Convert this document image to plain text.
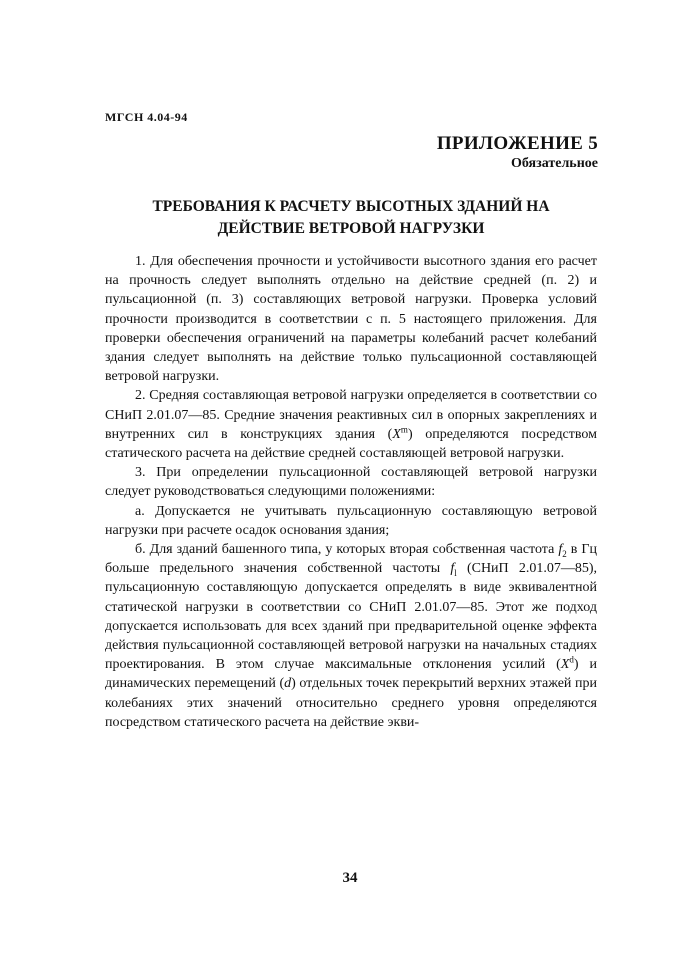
МГСН 4.04-94
ПРИЛОЖЕНИЕ 5
Обязательное
ТРЕБОВАНИЯ К РАСЧЕТУ ВЫСОТНЫХ ЗДАНИЙ НА
ДЕЙСТВИЕ ВЕТРОВОЙ НАГРУЗКИ

1. Для обеспечения прочности и устойчивости высотного здания его расчет на прочность следует выполнять отдельно на действие средней (п. 2) и пульсационной (п. 3) составляющих ветровой нагрузки. Проверка условий прочности производится в соответствии с п. 5 настоящего приложения. Для проверки обеспечения ограничений на параметры колебаний расчет колебаний здания следует выполнять на действие только пульсационной составляющей ветровой нагрузки.

2. Средняя составляющая ветровой нагрузки определяется в соответствии со СНиП 2.01.07—85. Средние значения реактивных сил в опорных закреплениях и внутренних сил в конструкциях здания $(X^m)$ определяются посредством статического расчета на действие средней составляющей ветровой нагрузки.

3. При определении пульсационной составляющей ветровой нагрузки следует руководствоваться следующими положениями:

а. Допускается не учитывать пульсационную составляющую ветровой нагрузки при расчете осадок основания здания;

б. Для зданий башенного типа, у которых вторая собственная частота $f_2$ в Гц больше предельного значения собственной частоты $f_l$ (СНиП 2.01.07—85), пульсационную составляющую допускается определять в виде эквивалентной статической нагрузки в соответствии со СНиП 2.01.07—85. Этот же подход допускается использовать для всех зданий при предварительной оценке эффекта действия пульсационной составляющей ветровой нагрузки на начальных стадиях проектирования. В этом случае максимальные отклонения усилий $(X^d)$ и динамических перемещений (d) отдельных точек перекрытий верхних этажей при колебаниях этих значений относительно среднего уровня определяются посредством статического расчета на действие экви-

34
